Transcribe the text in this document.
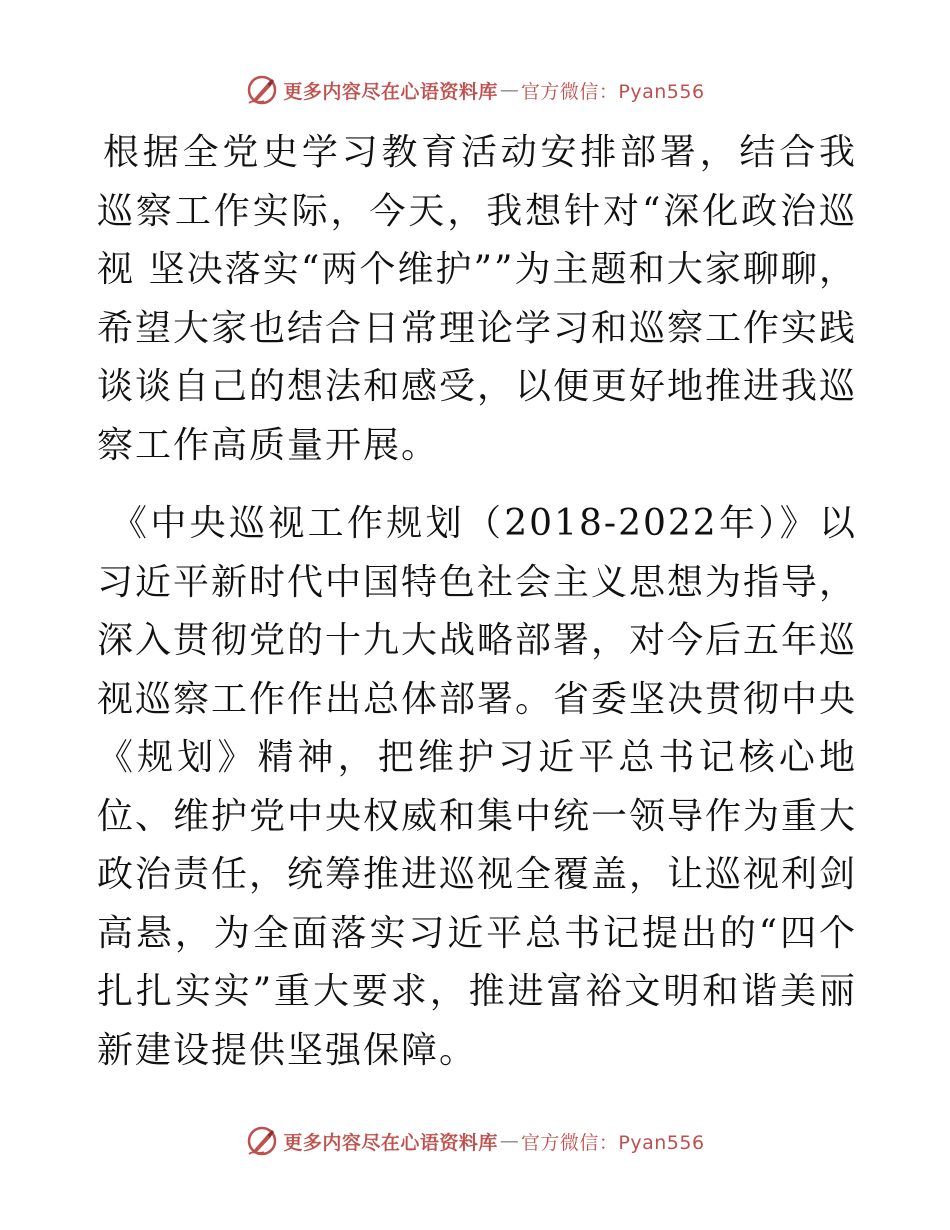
更多内容尽在心语资料库 — 官方微信：Pyan556

根据全党史学习教育活动安排部署，结合我巡察工作实际，今天，我想针对“深化政治巡视 坚决落实“两个维护””为主题和大家聊聊，希望大家也结合日常理论学习和巡察工作实践谈谈自己的想法和感受，以便更好地推进我巡察工作高质量开展。

《中央巡视工作规划（2018-2022年）》以习近平新时代中国特色社会主义思想为指导，深入贯彻党的十九大战略部署，对今后五年巡视巡察工作作出总体部署。省委坚决贯彻中央《规划》精神，把维护习近平总书记核心地位、维护党中央权威和集中统一领导作为重大政治责任，统筹推进巡视全覆盖，让巡视利剑高悬，为全面落实习近平总书记提出的“四个扎扎实实”重大要求，推进富裕文明和谐美丽新建设提供坚强保障。

更多内容尽在心语资料库 — 官方微信：Pyan556
